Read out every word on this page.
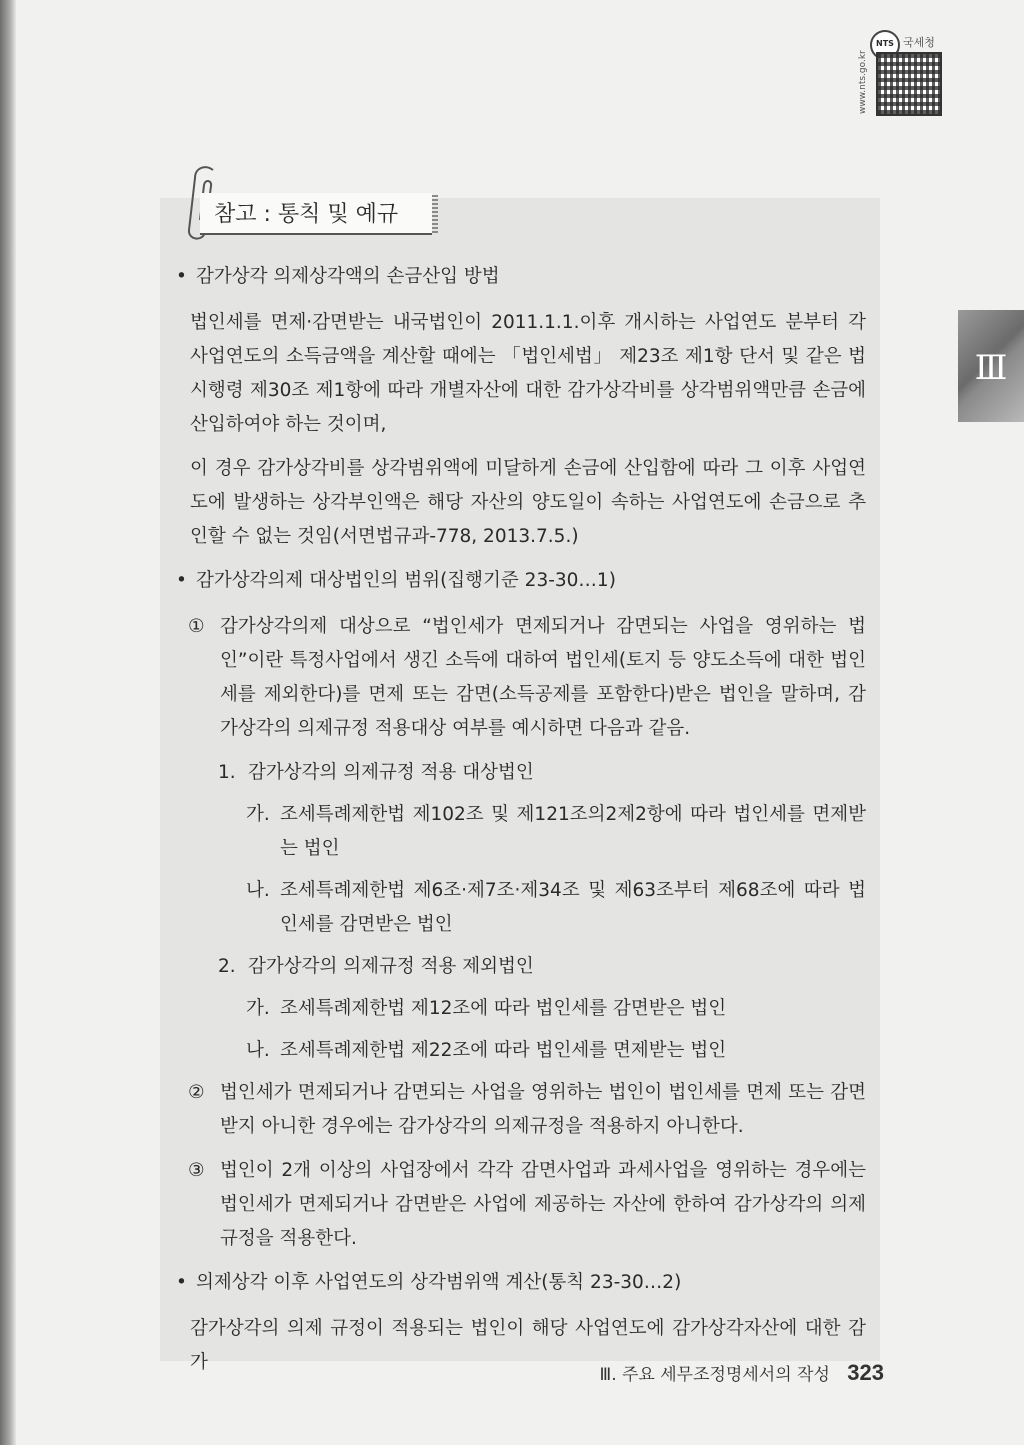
NTS 국세청
www.nts.go.kr
Ⅲ
참고 : 통칙 및 예규
• 감가상각 의제상각액의 손금산입 방법
법인세를 면제·감면받는 내국법인이 2011.1.1.이후 개시하는 사업연도 분부터 각 사업연도의 소득금액을 계산할 때에는 「법인세법」 제23조 제1항 단서 및 같은 법 시행령 제30조 제1항에 따라 개별자산에 대한 감가상각비를 상각범위액만큼 손금에 산입하여야 하는 것이며,
이 경우 감가상각비를 상각범위액에 미달하게 손금에 산입함에 따라 그 이후 사업연도에 발생하는 상각부인액은 해당 자산의 양도일이 속하는 사업연도에 손금으로 추인할 수 없는 것임(서면법규과-778, 2013.7.5.)
• 감가상각의제 대상법인의 범위(집행기준 23-30…1)
① 감가상각의제 대상으로 “법인세가 면제되거나 감면되는 사업을 영위하는 법인”이란 특정사업에서 생긴 소득에 대하여 법인세(토지 등 양도소득에 대한 법인세를 제외한다)를 면제 또는 감면(소득공제를 포함한다)받은 법인을 말하며, 감가상각의 의제규정 적용대상 여부를 예시하면 다음과 같음.
1. 감가상각의 의제규정 적용 대상법인
가. 조세특례제한법 제102조 및 제121조의2제2항에 따라 법인세를 면제받는 법인
나. 조세특례제한법 제6조·제7조·제34조 및 제63조부터 제68조에 따라 법인세를 감면받은 법인
2. 감가상각의 의제규정 적용 제외법인
가. 조세특례제한법 제12조에 따라 법인세를 감면받은 법인
나. 조세특례제한법 제22조에 따라 법인세를 면제받는 법인
② 법인세가 면제되거나 감면되는 사업을 영위하는 법인이 법인세를 면제 또는 감면받지 아니한 경우에는 감가상각의 의제규정을 적용하지 아니한다.
③ 법인이 2개 이상의 사업장에서 각각 감면사업과 과세사업을 영위하는 경우에는 법인세가 면제되거나 감면받은 사업에 제공하는 자산에 한하여 감가상각의 의제규정을 적용한다.
• 의제상각 이후 사업연도의 상각범위액 계산(통칙 23-30…2)
감가상각의 의제 규정이 적용되는 법인이 해당 사업연도에 감가상각자산에 대한 감가
Ⅲ. 주요 세무조정명세서의 작성 323
